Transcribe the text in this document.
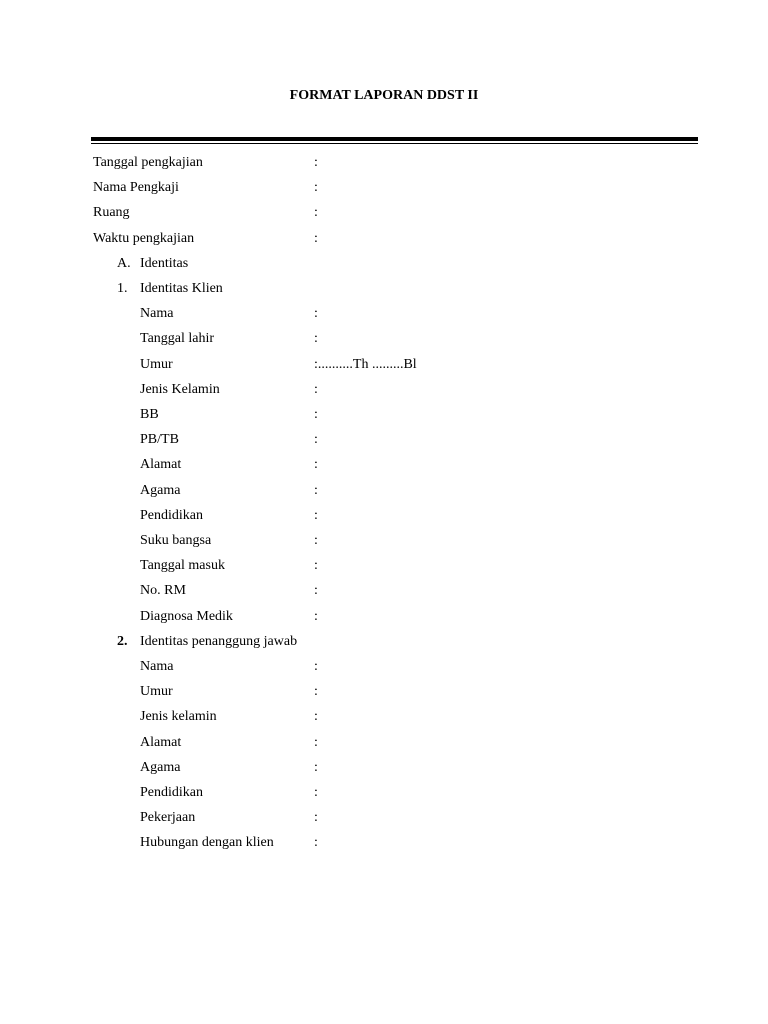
FORMAT LAPORAN DDST II
Tanggal pengkajian	:
Nama Pengkaji	:
Ruang	:
Waktu pengkajian	:
A. Identitas
1. Identitas Klien
Nama	:
Tanggal lahir	:
Umur	:..........Th .........Bl
Jenis Kelamin	:
BB	:
PB/TB	:
Alamat	:
Agama	:
Pendidikan	:
Suku bangsa	:
Tanggal masuk	:
No. RM	:
Diagnosa Medik	:
2. Identitas penanggung jawab
Nama	:
Umur	:
Jenis kelamin	:
Alamat	:
Agama	:
Pendidikan	:
Pekerjaan	:
Hubungan dengan klien	:
